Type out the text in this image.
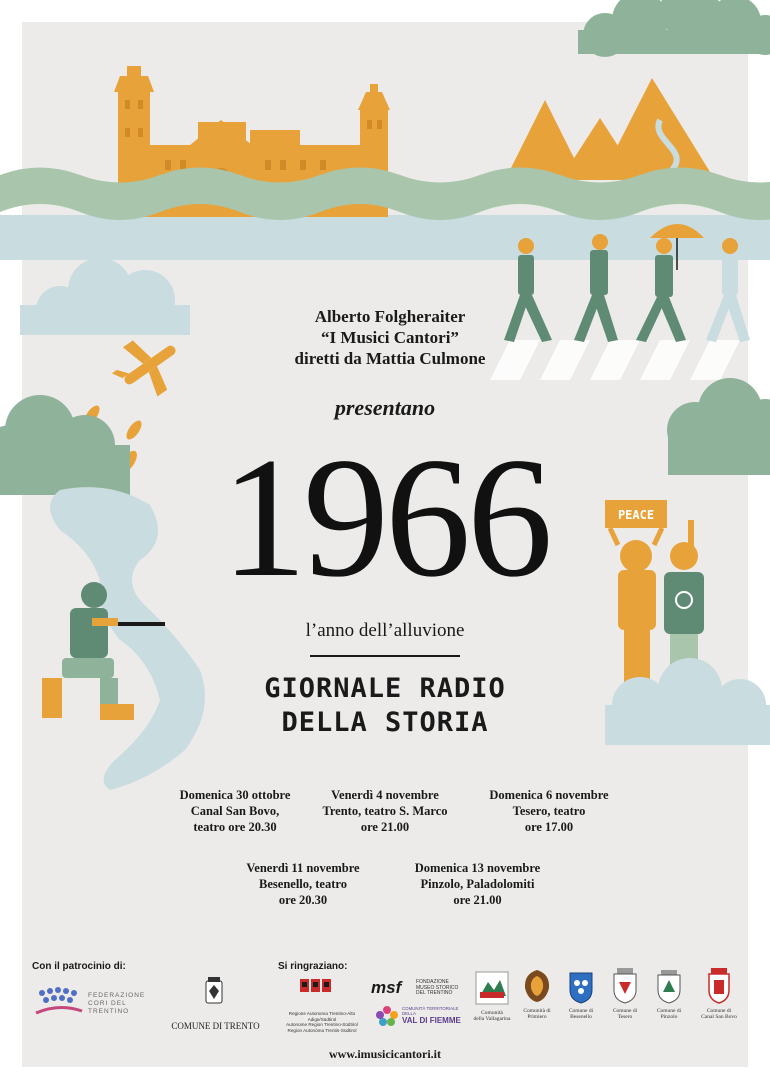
PEACE
Alberto Folgheraiter
“I Musici Cantori”
diretti da Mattia Culmone
presentano
1966
l’anno dell’alluvione
GIORNALE RADIO
DELLA STORIA
Domenica 30 ottobre
Canal San Bovo,
teatro ore 20.30
Venerdì 4 novembre
Trento, teatro S. Marco
ore 21.00
Domenica 6 novembre
Tesero, teatro
ore 17.00
Venerdì 11 novembre
Besenello, teatro
ore 20.30
Domenica 13 novembre
Pinzolo, Paladolomiti
ore 21.00
Con il patrocinio di:	Si ringraziano:
FEDERAZIONE
CORI DEL TRENTINO
COMUNE DI TRENTO
Regione Autonoma Trentino-Alto Adige/Südtirol
Autonome Region Trentino-Südtirol
Region Autonòma Trentin-Südtirol
msf	FONDAZIONE
MUSEO STORICO
DEL TRENTINO
COMUNITÀ TERRITORIALE DELLA
VAL DI FIEMME
Comunità
della Vallagarina
Comunità di
Primiero
Comune di
Besenello
Comune di
Tesero
Comune di
Pinzolo
Comune di
Canal San Bovo
www.imusicicantori.it
